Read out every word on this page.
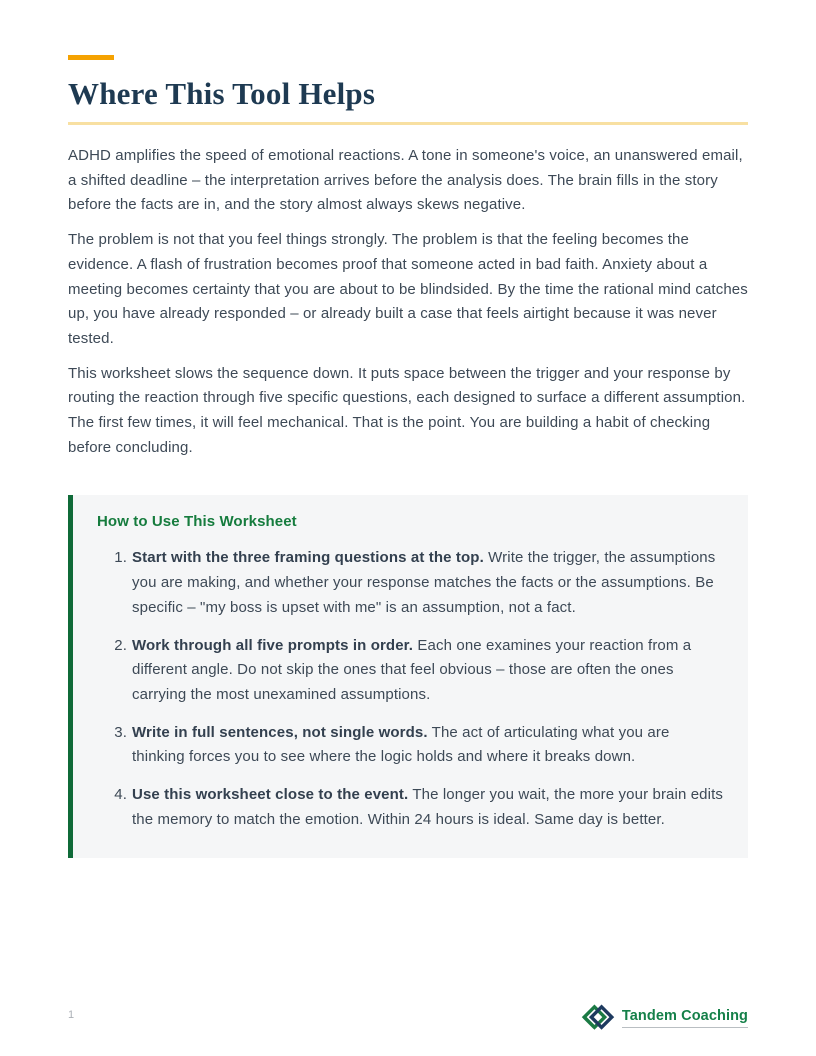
Where This Tool Helps

ADHD amplifies the speed of emotional reactions. A tone in someone's voice, an unanswered email, a shifted deadline – the interpretation arrives before the analysis does. The brain fills in the story before the facts are in, and the story almost always skews negative.

The problem is not that you feel things strongly. The problem is that the feeling becomes the evidence. A flash of frustration becomes proof that someone acted in bad faith. Anxiety about a meeting becomes certainty that you are about to be blindsided. By the time the rational mind catches up, you have already responded – or already built a case that feels airtight because it was never tested.

This worksheet slows the sequence down. It puts space between the trigger and your response by routing the reaction through five specific questions, each designed to surface a different assumption. The first few times, it will feel mechanical. That is the point. You are building a habit of checking before concluding.

How to Use This Worksheet
1. Start with the three framing questions at the top. Write the trigger, the assumptions you are making, and whether your response matches the facts or the assumptions. Be specific – "my boss is upset with me" is an assumption, not a fact.
2. Work through all five prompts in order. Each one examines your reaction from a different angle. Do not skip the ones that feel obvious – those are often the ones carrying the most unexamined assumptions.
3. Write in full sentences, not single words. The act of articulating what you are thinking forces you to see where the logic holds and where it breaks down.
4. Use this worksheet close to the event. The longer you wait, the more your brain edits the memory to match the emotion. Within 24 hours is ideal. Same day is better.
1	Tandem Coaching
